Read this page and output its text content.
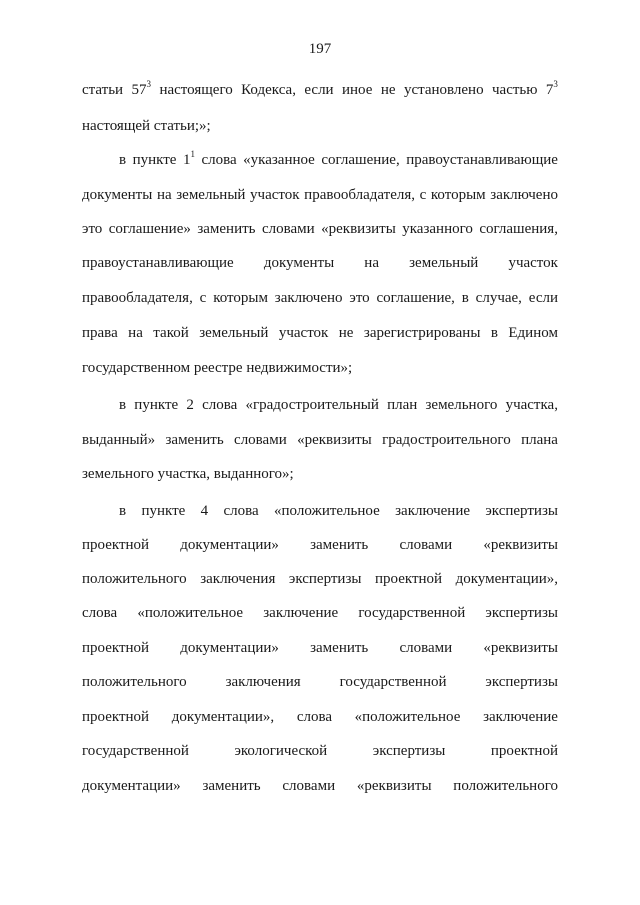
197
статьи $57^3$ настоящего Кодекса, если иное не установлено частью $7^3$
настоящей статьи;»;
в пункте $1^1$ слова «указанное соглашение, правоустанавливающие
документы на земельный участок правообладателя, с которым заключено
это соглашение» заменить словами «реквизиты указанного соглашения,
правоустанавливающие документы на земельный участок
правообладателя, с которым заключено это соглашение, в случае, если
права на такой земельный участок не зарегистрированы в Едином
государственном реестре недвижимости»;
в пункте 2 слова «градостроительный план земельного участка,
выданный» заменить словами «реквизиты градостроительного плана
земельного участка, выданного»;
в пункте 4 слова «положительное заключение экспертизы
проектной документации» заменить словами «реквизиты
положительного заключения экспертизы проектной документации»,
слова «положительное заключение государственной экспертизы
проектной документации» заменить словами «реквизиты
положительного	заключения	государственной	экспертизы
проектной документации», слова «положительное заключение
государственной	экологической	экспертизы	проектной
документации» заменить словами «реквизиты положительного
